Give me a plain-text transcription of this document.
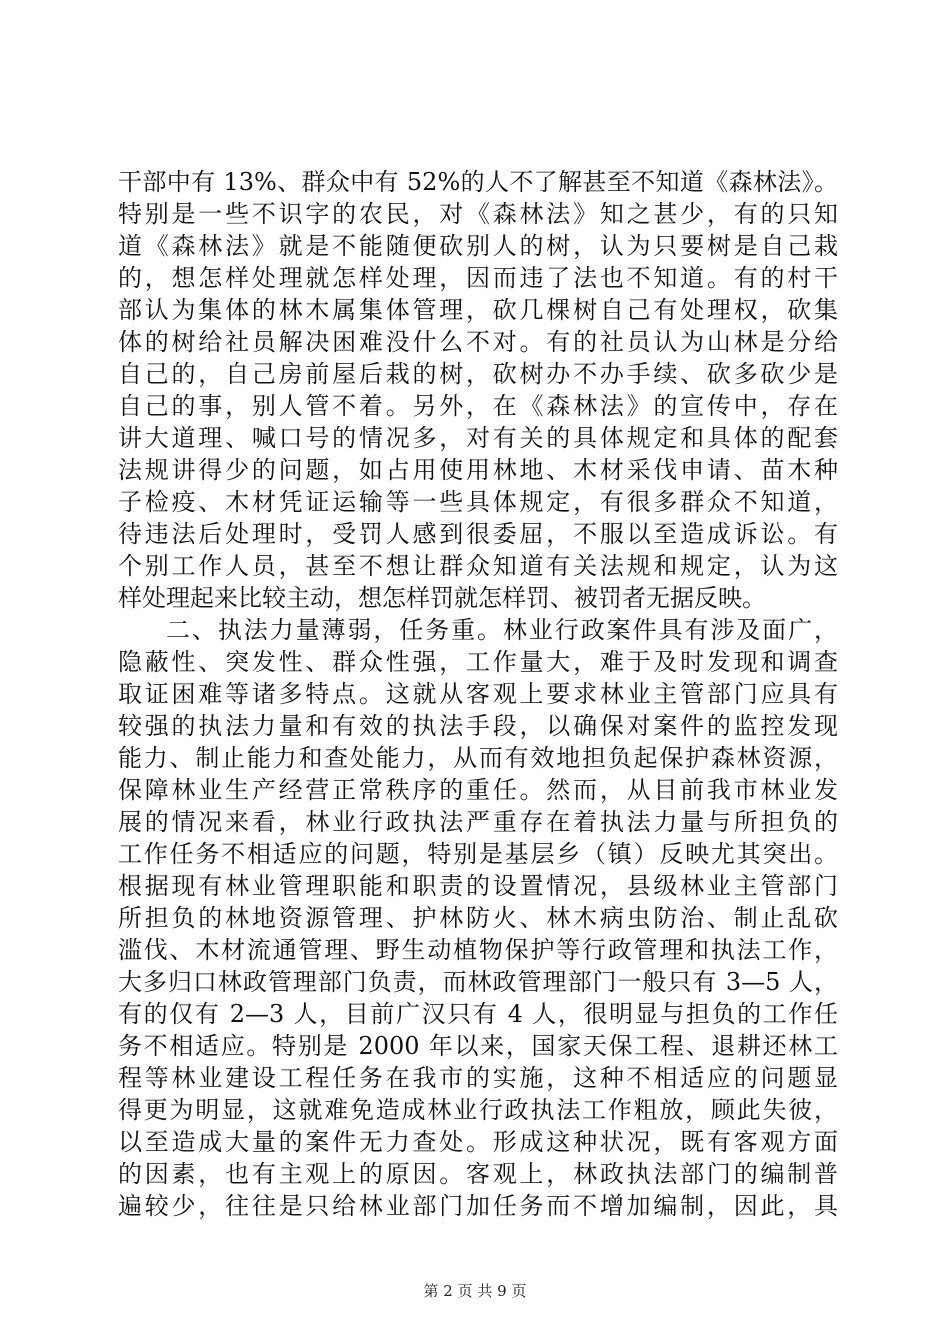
干部中有 13%、群众中有 52%的人不了解甚至不知道《森林法》。
特别是一些不识字的农民，对《森林法》知之甚少，有的只知
道《森林法》就是不能随便砍别人的树，认为只要树是自己栽
的，想怎样处理就怎样处理，因而违了法也不知道。有的村干
部认为集体的林木属集体管理，砍几棵树自己有处理权，砍集
体的树给社员解决困难没什么不对。有的社员认为山林是分给
自己的，自己房前屋后栽的树，砍树办不办手续、砍多砍少是
自己的事，别人管不着。另外，在《森林法》的宣传中，存在
讲大道理、喊口号的情况多，对有关的具体规定和具体的配套
法规讲得少的问题，如占用使用林地、木材采伐申请、苗木种
子检疫、木材凭证运输等一些具体规定，有很多群众不知道，
待违法后处理时，受罚人感到很委屈，不服以至造成诉讼。有
个别工作人员，甚至不想让群众知道有关法规和规定，认为这
样处理起来比较主动，想怎样罚就怎样罚、被罚者无据反映。
二、执法力量薄弱，任务重。林业行政案件具有涉及面广，
隐蔽性、突发性、群众性强，工作量大，难于及时发现和调查
取证困难等诸多特点。这就从客观上要求林业主管部门应具有
较强的执法力量和有效的执法手段，以确保对案件的监控发现
能力、制止能力和查处能力，从而有效地担负起保护森林资源，
保障林业生产经营正常秩序的重任。然而，从目前我市林业发
展的情况来看，林业行政执法严重存在着执法力量与所担负的
工作任务不相适应的问题，特别是基层乡（镇）反映尤其突出。
根据现有林业管理职能和职责的设置情况，县级林业主管部门
所担负的林地资源管理、护林防火、林木病虫防治、制止乱砍
滥伐、木材流通管理、野生动植物保护等行政管理和执法工作，
大多归口林政管理部门负责，而林政管理部门一般只有 3—5 人，
有的仅有 2—3 人，目前广汉只有 4 人，很明显与担负的工作任
务不相适应。特别是 2000 年以来，国家天保工程、退耕还林工
程等林业建设工程任务在我市的实施，这种不相适应的问题显
得更为明显，这就难免造成林业行政执法工作粗放，顾此失彼，
以至造成大量的案件无力查处。形成这种状况，既有客观方面
的因素，也有主观上的原因。客观上，林政执法部门的编制普
遍较少，往往是只给林业部门加任务而不增加编制，因此，具
第 2 页 共 9 页
